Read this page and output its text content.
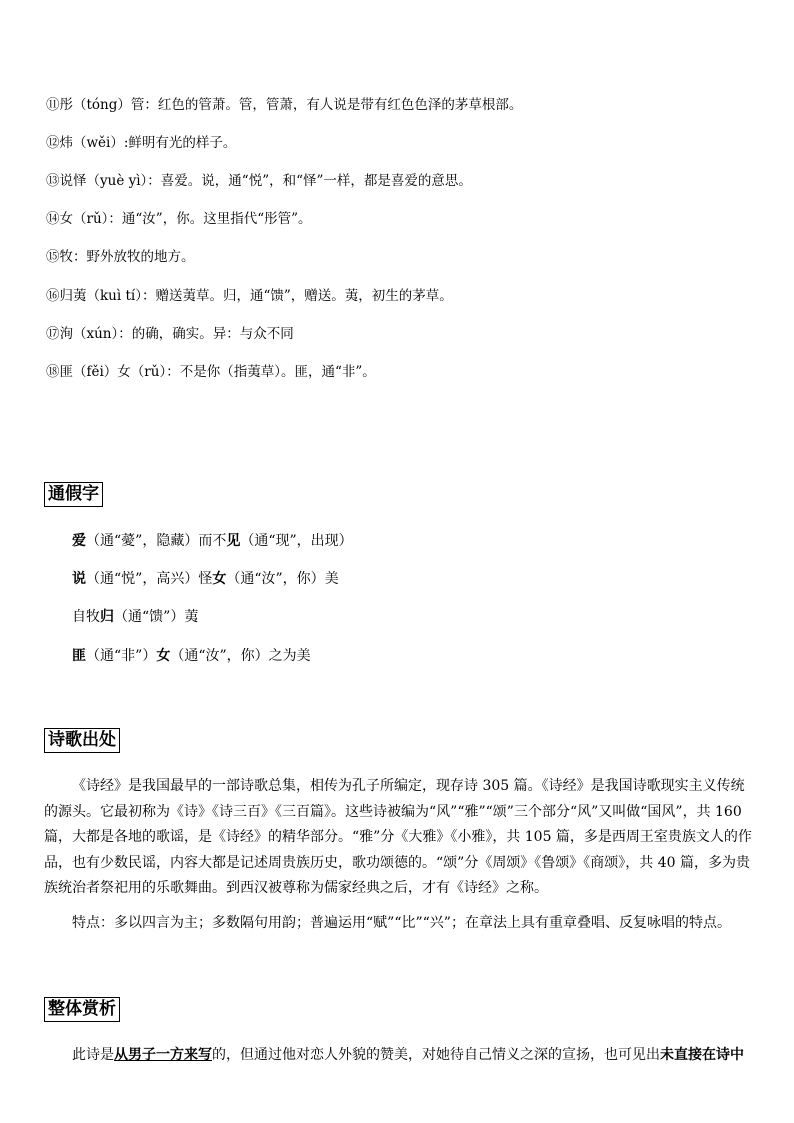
⑪彤（tóng）管：红色的管萧。管，管萧，有人说是带有红色色泽的茅草根部。
⑫炜（wěi）:鲜明有光的样子。
⑬说怿（yuè yì）：喜爱。说，通“悦”，和“怿”一样，都是喜爱的意思。
⑭女（rǔ）：通“汝”，你。这里指代“彤管”。
⑮牧：野外放牧的地方。
⑯归荑（kuì tí）：赠送荑草。归，通“馈”，赠送。荑，初生的茅草。
⑰洵（xún）：的确，确实。异：与众不同
⑱匪（fěi）女（rǔ）：不是你（指荑草）。匪，通“非”。
通假字
爱（通“薆”，隐藏）而不见（通“现”，出现）
说（通“悦”，高兴）怪女（通“汝”，你）美
自牧归（通“馈”）荑
匪（通“非”）女（通“汝”，你）之为美
诗歌出处
《诗经》是我国最早的一部诗歌总集，相传为孔子所编定，现存诗 305 篇。《诗经》是我国诗歌现实主义传统的源头。它最初称为《诗》《诗三百》《三百篇》。这些诗被编为“风”“雅”“颂”三个部分“风”又叫做“国风”，共 160 篇，大都是各地的歌谣，是《诗经》的精华部分。“雅”分《大雅》《小雅》，共 105 篇，多是西周王室贵族文人的作品，也有少数民谣，内容大都是记述周贵族历史，歌功颂德的。“颂”分《周颂》《鲁颂》《商颂》，共 40 篇，多为贵族统治者祭祀用的乐歌舞曲。到西汉被尊称为儒家经典之后，才有《诗经》之称。
特点：多以四言为主；多数隔句用韵；普遍运用“赋”“比”“兴”；在章法上具有重章叠唱、反复咏唱的特点。
整体赏析
此诗是从男子一方来写的，但通过他对恋人外貌的赞美，对她待自己情义之深的宣扬，也可见出未直接在诗中
